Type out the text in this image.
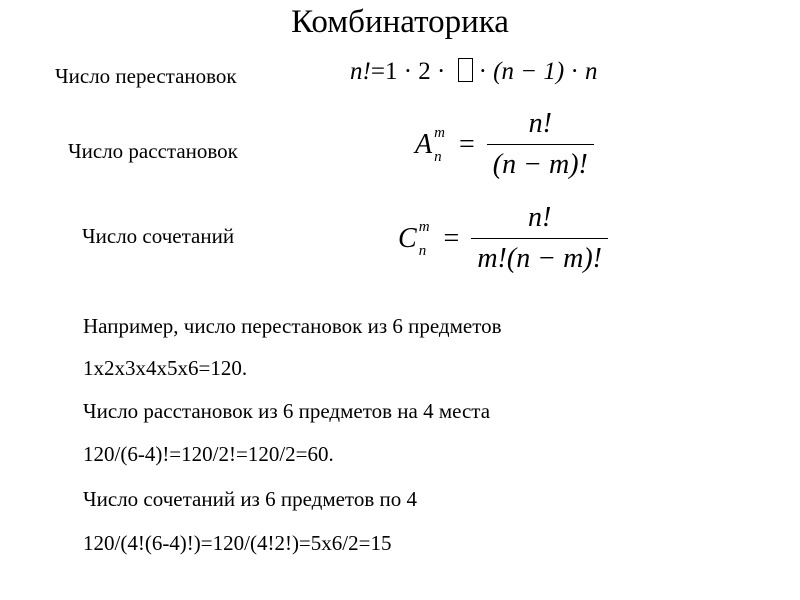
Комбинаторика
Число перестановок
Число расстановок
Число сочетаний
n!=1 · 2 · · (n − 1) · n
A m
$n = \frac{n!}{(n - m)!}$
C m
$n = \frac{n!}{m!(n - m)!}$
Например, число перестановок из 6 предметов
1х2х3х4х5х6=120.
Число расстановок из 6 предметов на 4 места
120/(6-4)!=120/2!=120/2=60.
Число сочетаний из 6 предметов по 4
120/(4!(6-4)!)=120/(4!2!)=5х6/2=15
